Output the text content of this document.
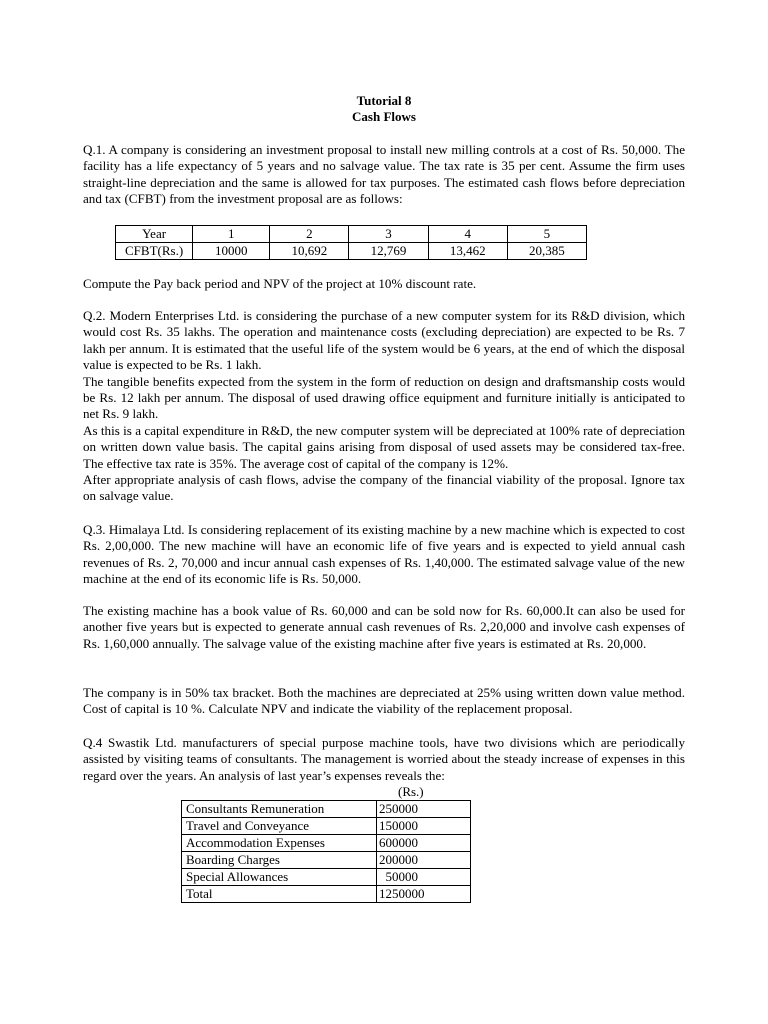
Tutorial 8
Cash Flows
Q.1. A company is considering an investment proposal to install new milling controls at a cost of Rs. 50,000. The facility has a life expectancy of 5 years and no salvage value. The tax rate is 35 per cent. Assume the firm uses straight-line depreciation and the same is allowed for tax purposes. The estimated cash flows before depreciation and tax (CFBT) from the investment proposal are as follows:
Year	1	2	3	4	5
CFBT(Rs.)	10000	10,692	12,769	13,462	20,385
Compute the Pay back period and NPV of the project at 10% discount rate.

Q.2. Modern Enterprises Ltd. is considering the purchase of a new computer system for its R&D division, which would cost Rs. 35 lakhs. The operation and maintenance costs (excluding depreciation) are expected to be Rs. 7 lakh per annum. It is estimated that the useful life of the system would be 6 years, at the end of which the disposal value is expected to be Rs. 1 lakh.

The tangible benefits expected from the system in the form of reduction on design and draftsmanship costs would be Rs. 12 lakh per annum. The disposal of used drawing office equipment and furniture initially is anticipated to net Rs. 9 lakh.

As this is a capital expenditure in R&D, the new computer system will be depreciated at 100% rate of depreciation on written down value basis. The capital gains arising from disposal of used assets may be considered tax-free. The effective tax rate is 35%. The average cost of capital of the company is 12%.

After appropriate analysis of cash flows, advise the company of the financial viability of the proposal. Ignore tax on salvage value.

Q.3. Himalaya Ltd. Is considering replacement of its existing machine by a new machine which is expected to cost Rs. 2,00,000. The new machine will have an economic life of five years and is expected to yield annual cash revenues of Rs. 2, 70,000 and incur annual cash expenses of Rs. 1,40,000. The estimated salvage value of the new machine at the end of its economic life is Rs. 50,000.
The existing machine has a book value of Rs. 60,000 and can be sold now for Rs. 60,000.It can also be used for another five years but is expected to generate annual cash revenues of Rs. 2,20,000 and involve cash expenses of Rs. 1,60,000 annually. The salvage value of the existing machine after five years is estimated at Rs. 20,000.
The company is in 50% tax bracket. Both the machines are depreciated at 25% using written down value method. Cost of capital is 10 %. Calculate NPV and indicate the viability of the replacement proposal.
Q.4 Swastik Ltd. manufacturers of special purpose machine tools, have two divisions which are periodically assisted by visiting teams of consultants. The management is worried about the steady increase of expenses in this regard over the years. An analysis of last year’s expenses reveals the:
(Rs.)
Consultants Remuneration	250000
Travel and Conveyance	150000
Accommodation Expenses	600000
Boarding Charges	200000
Special Allowances	50000
Total	1250000
